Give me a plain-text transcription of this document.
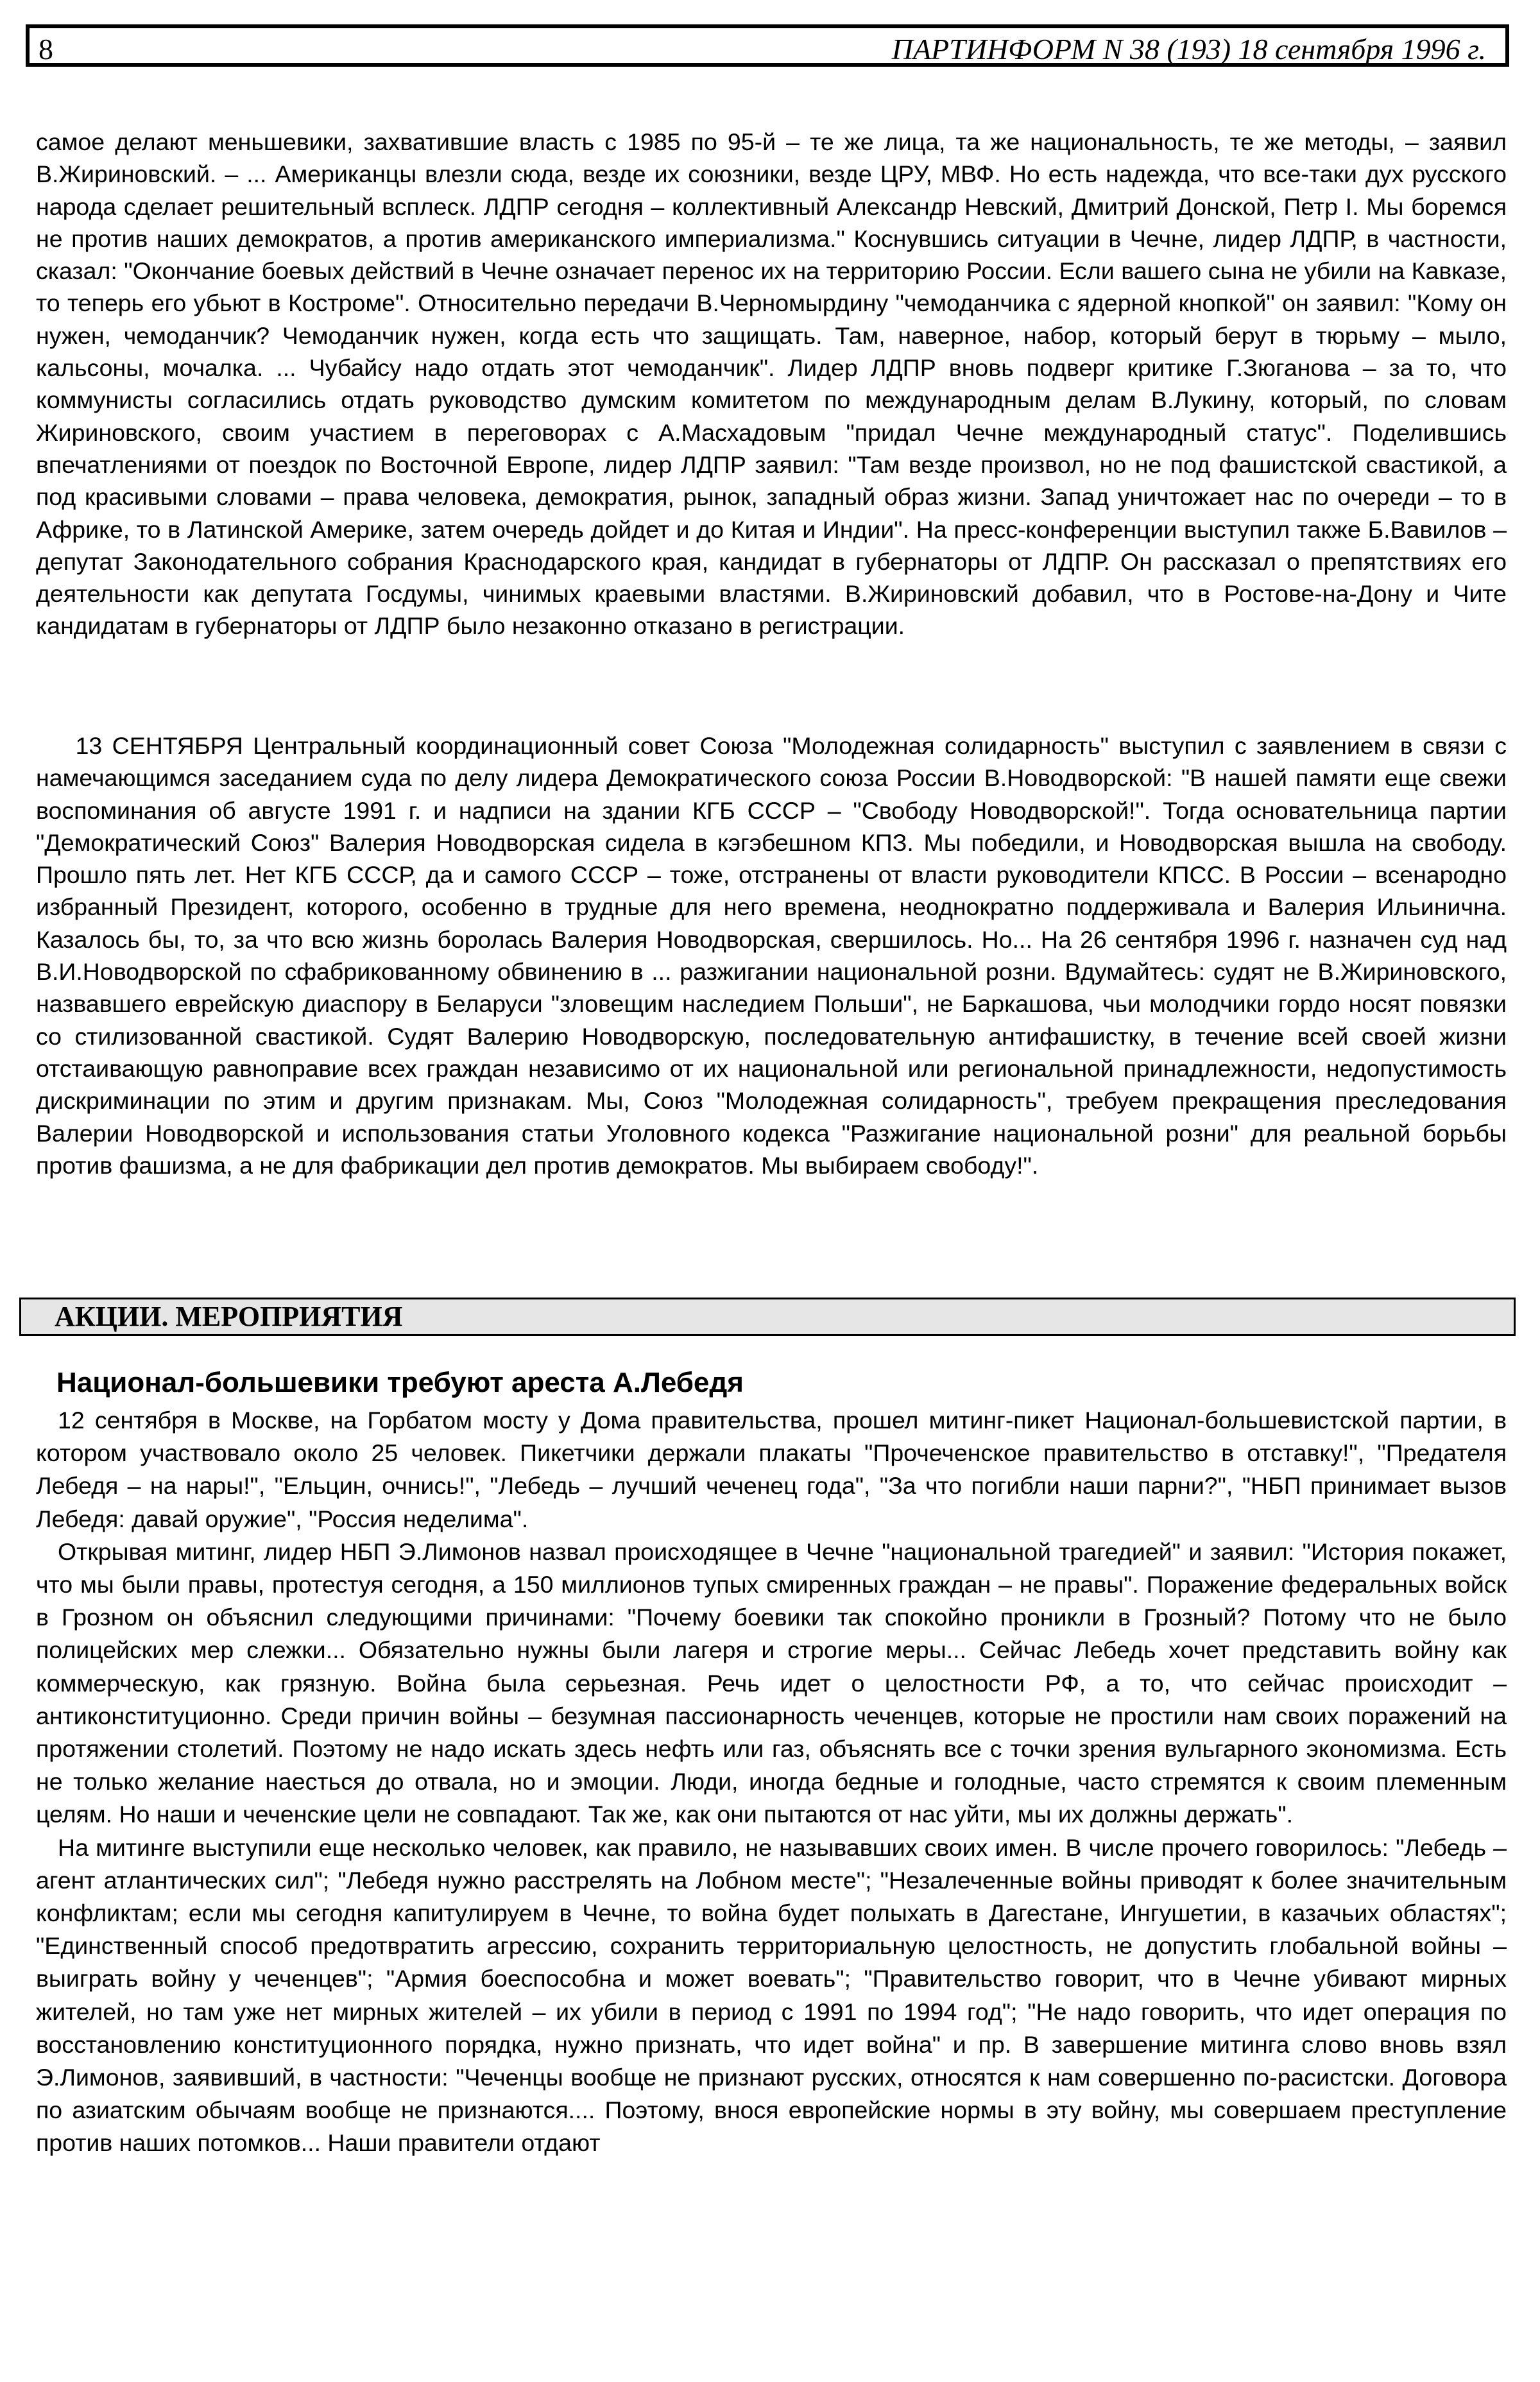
8	ПАРТИНФОРМ N 38 (193) 18 сентября 1996 г.

самое делают меньшевики, захватившие власть с 1985 по 95-й – те же лица, та же национальность, те же методы, – заявил В.Жириновский. – ... Американцы влезли сюда, везде их союзники, везде ЦРУ, МВФ. Но есть надежда, что все-таки дух русского народа сделает решительный всплеск. ЛДПР сегодня – коллективный Александр Невский, Дмитрий Донской, Петр I. Мы боремся не против наших демократов, а против американского империализма." Коснувшись ситуации в Чечне, лидер ЛДПР, в частности, сказал: "Окончание боевых действий в Чечне означает перенос их на территорию России. Если вашего сына не убили на Кавказе, то теперь его убьют в Костроме". Относительно передачи В.Черномырдину "чемоданчика с ядерной кнопкой" он заявил: "Кому он нужен, чемоданчик? Чемоданчик нужен, когда есть что защищать. Там, наверное, набор, который берут в тюрьму – мыло, кальсоны, мочалка. ... Чубайсу надо отдать этот чемоданчик". Лидер ЛДПР вновь подверг критике Г.Зюганова – за то, что коммунисты согласились отдать руководство думским комитетом по международным делам В.Лукину, который, по словам Жириновского, своим участием в переговорах с А.Масхадовым "придал Чечне международный статус". Поделившись впечатлениями от поездок по Восточной Европе, лидер ЛДПР заявил: "Там везде произвол, но не под фашистской свастикой, а под красивыми словами – права человека, демократия, рынок, западный образ жизни. Запад уничтожает нас по очереди – то в Африке, то в Латинской Америке, затем очередь дойдет и до Китая и Индии". На пресс-конференции выступил также Б.Вавилов – депутат Законодательного собрания Краснодарского края, кандидат в губернаторы от ЛДПР. Он рассказал о препятствиях его деятельности как депутата Госдумы, чинимых краевыми властями. В.Жириновский добавил, что в Ростове-на-Дону и Чите кандидатам в губернаторы от ЛДПР было незаконно отказано в регистрации.

13 СЕНТЯБРЯ Центральный координационный совет Союза "Молодежная солидарность" выступил с заявлением в связи с намечающимся заседанием суда по делу лидера Демократического союза России В.Новодворской: "В нашей памяти еще свежи воспоминания об августе 1991 г. и надписи на здании КГБ СССР – "Свободу Новодворской!". Тогда основательница партии "Демократический Союз" Валерия Новодворская сидела в кэгэбешном КПЗ. Мы победили, и Новодворская вышла на свободу. Прошло пять лет. Нет КГБ СССР, да и самого СССР – тоже, отстранены от власти руководители КПСС. В России – всенародно избранный Президент, которого, особенно в трудные для него времена, неоднократно поддерживала и Валерия Ильинична. Казалось бы, то, за что всю жизнь боролась Валерия Новодворская, свершилось. Но... На 26 сентября 1996 г. назначен суд над В.И.Новодворской по сфабрикованному обвинению в ... разжигании национальной розни. Вдумайтесь: судят не В.Жириновского, назвавшего еврейскую диаспору в Беларуси "зловещим наследием Польши", не Баркашова, чьи молодчики гордо носят повязки со стилизованной свастикой. Судят Валерию Новодворскую, последовательную антифашистку, в течение всей своей жизни отстаивающую равноправие всех граждан независимо от их национальной или региональной принадлежности, недопустимость дискриминации по этим и другим признакам. Мы, Союз "Молодежная солидарность", требуем прекращения преследования Валерии Новодворской и использования статьи Уголовного кодекса "Разжигание национальной розни" для реальной борьбы против фашизма, а не для фабрикации дел против демократов. Мы выбираем свободу!".

АКЦИИ. МЕРОПРИЯТИЯ
Национал-большевики требуют ареста А.Лебедя

12 сентября в Москве, на Горбатом мосту у Дома правительства, прошел митинг-пикет Национал-большевистской партии, в котором участвовало около 25 человек. Пикетчики держали плакаты "Прочеченское правительство в отставку!", "Предателя Лебедя – на нары!", "Ельцин, очнись!", "Лебедь – лучший чеченец года", "За что погибли наши парни?", "НБП принимает вызов Лебедя: давай оружие", "Россия неделима".

Открывая митинг, лидер НБП Э.Лимонов назвал происходящее в Чечне "национальной трагедией" и заявил: "История покажет, что мы были правы, протестуя сегодня, а 150 миллионов тупых смиренных граждан – не правы". Поражение федеральных войск в Грозном он объяснил следующими причинами: "Почему боевики так спокойно проникли в Грозный? Потому что не было полицейских мер слежки... Обязательно нужны были лагеря и строгие меры... Сейчас Лебедь хочет представить войну как коммерческую, как грязную. Война была серьезная. Речь идет о целостности РФ, а то, что сейчас происходит – антиконституционно. Среди причин войны – безумная пассионарность чеченцев, которые не простили нам своих поражений на протяжении столетий. Поэтому не надо искать здесь нефть или газ, объяснять все с точки зрения вульгарного экономизма. Есть не только желание наесться до отвала, но и эмоции. Люди, иногда бедные и голодные, часто стремятся к своим племенным целям. Но наши и чеченские цели не совпадают. Так же, как они пытаются от нас уйти, мы их должны держать".

На митинге выступили еще несколько человек, как правило, не называвших своих имен. В числе прочего говорилось: "Лебедь – агент атлантических сил"; "Лебедя нужно расстрелять на Лобном месте"; "Незалеченные войны приводят к более значительным конфликтам; если мы сегодня капитулируем в Чечне, то война будет полыхать в Дагестане, Ингушетии, в казачьих областях"; "Единственный способ предотвратить агрессию, сохранить территориальную целостность, не допустить глобальной войны – выиграть войну у чеченцев"; "Армия боеспособна и может воевать"; "Правительство говорит, что в Чечне убивают мирных жителей, но там уже нет мирных жителей – их убили в период с 1991 по 1994 год"; "Не надо говорить, что идет операция по восстановлению конституционного порядка, нужно признать, что идет война" и пр. В завершение митинга слово вновь взял Э.Лимонов, заявивший, в частности: "Чеченцы вообще не признают русских, относятся к нам совершенно по-расистски. Договора по азиатским обычаям вообще не признаются.... Поэтому, внося европейские нормы в эту войну, мы совершаем преступление против наших потомков... Наши правители отдают
